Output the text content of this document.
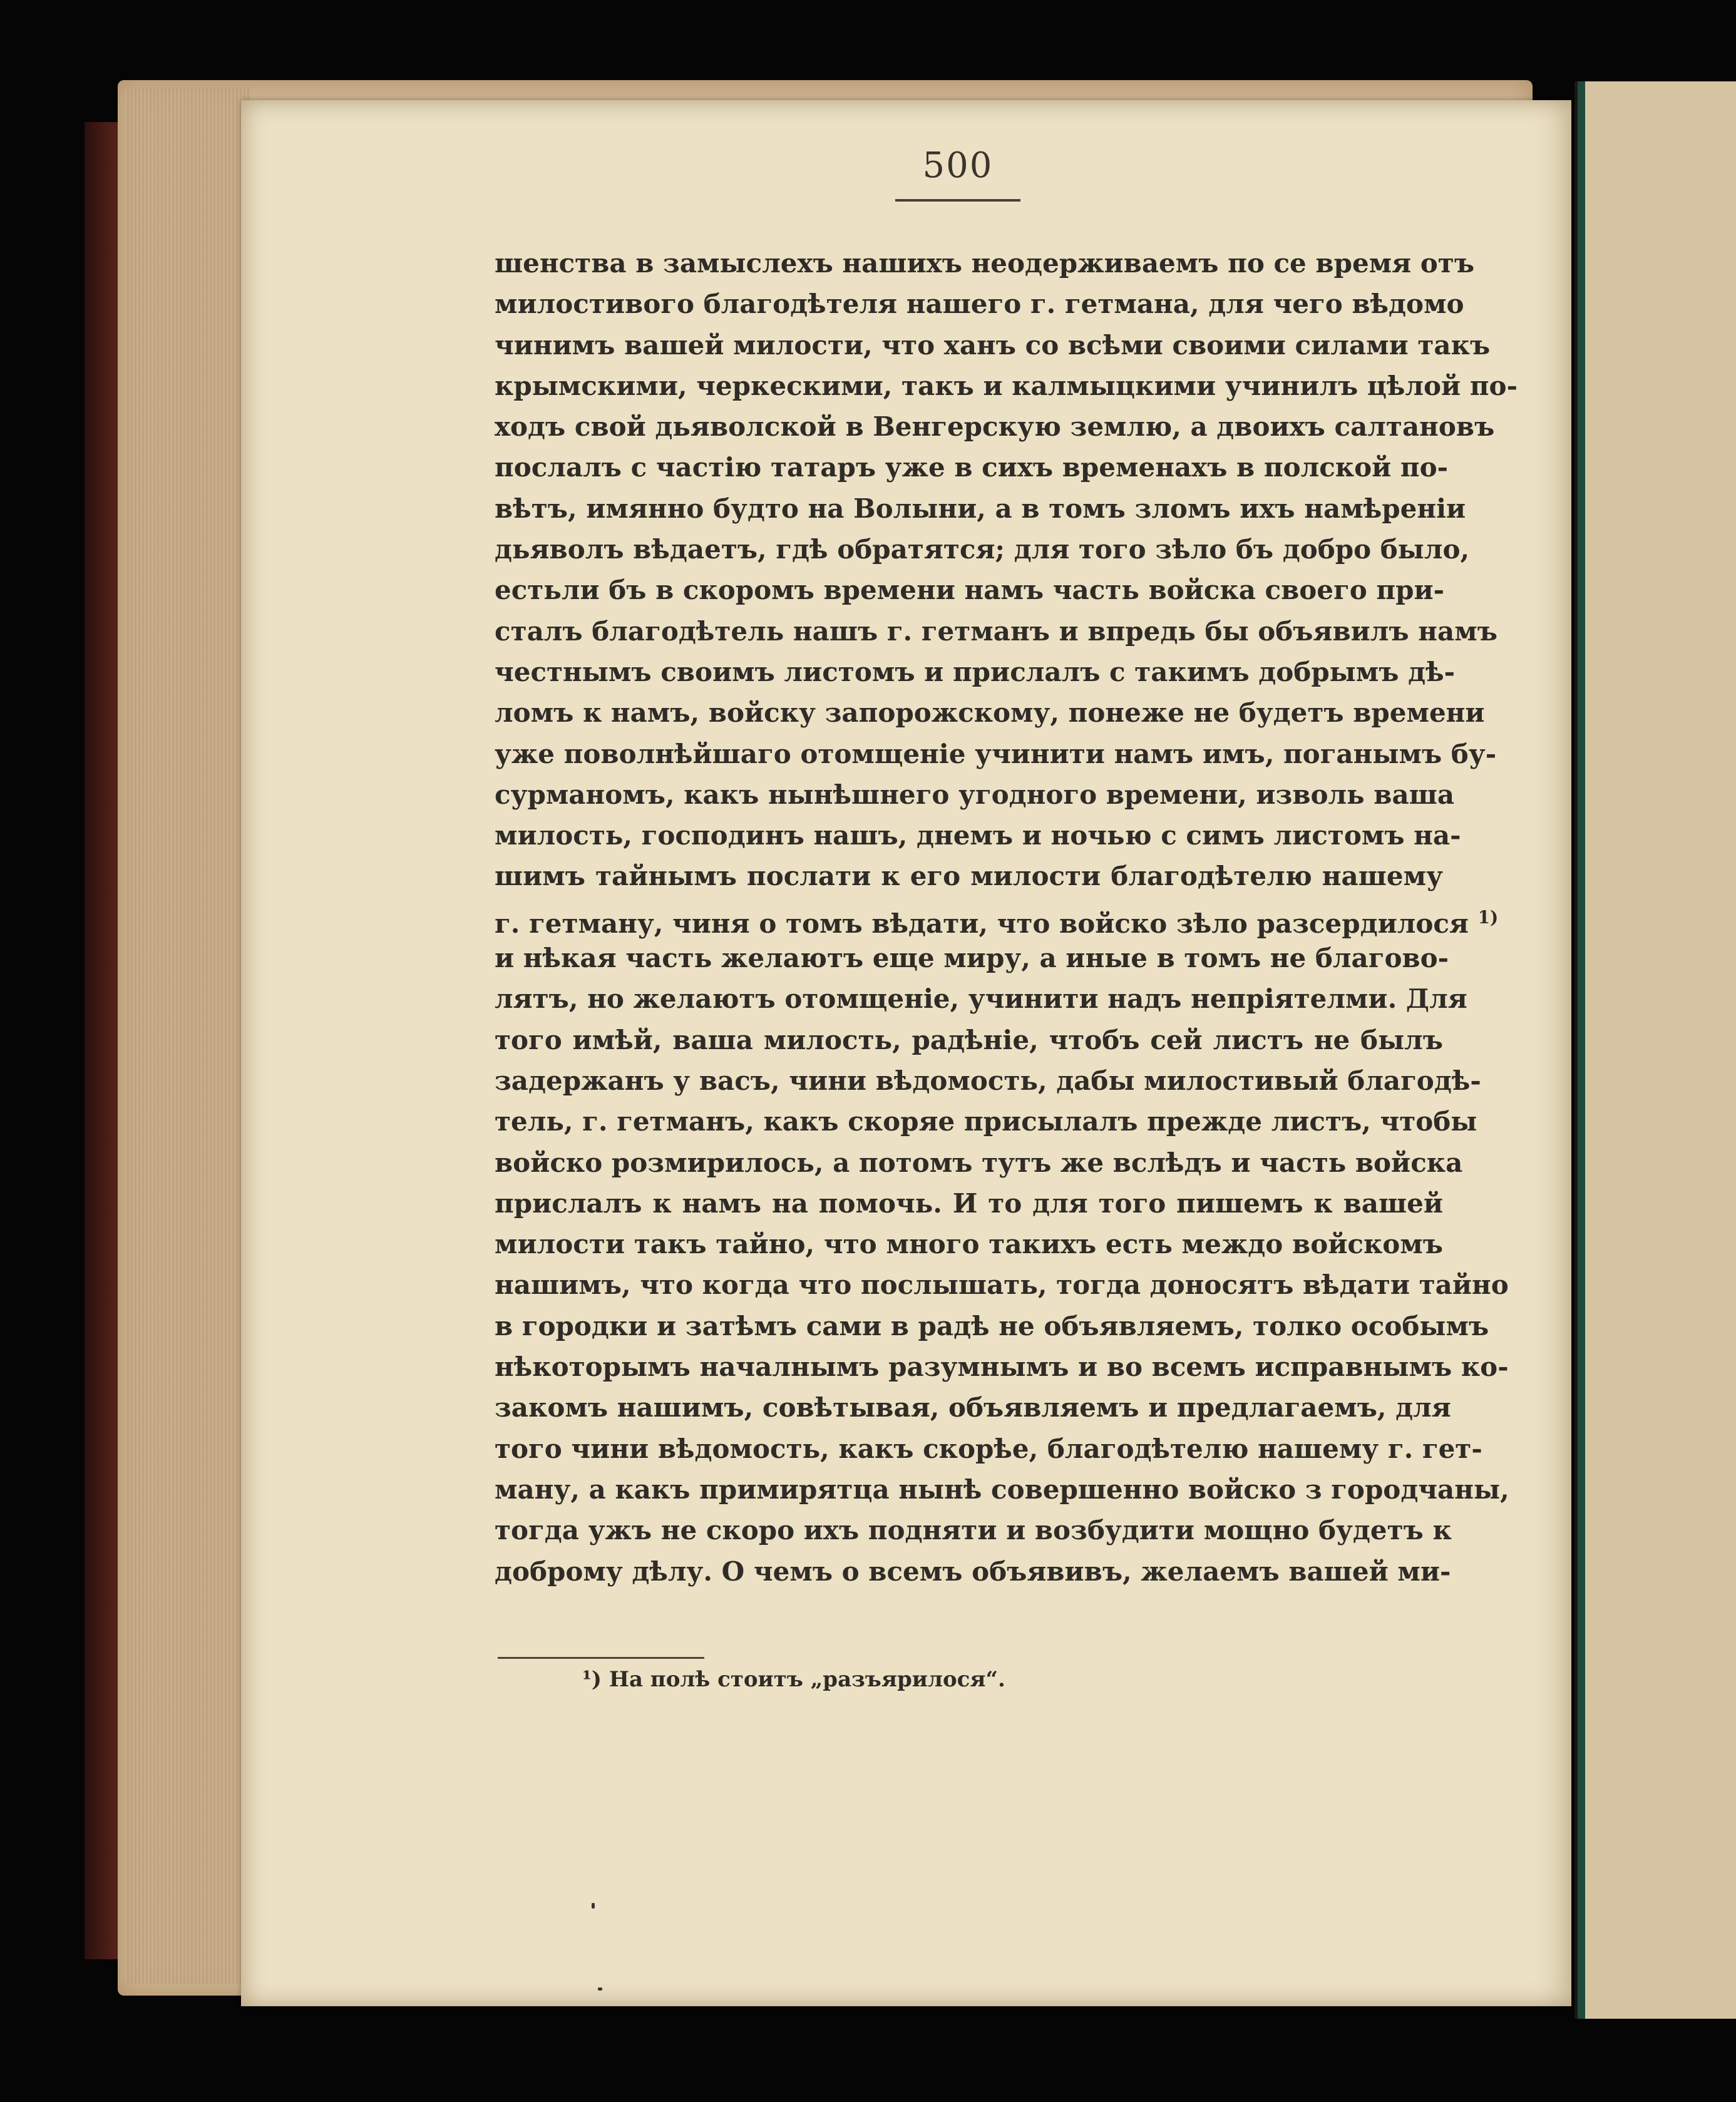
500
шенства в замыслехъ нашихъ неодерживаемъ по се время отъ
милостивого благодѣтеля нашего г. гетмана, для чего вѣдомо
чинимъ вашей милости, что ханъ со всѣми своими силами такъ
крымскими, черкескими, такъ и калмыцкими учинилъ цѣлой по-
ходъ свой дьяволской в Венгерскую землю, а двоихъ салтановъ
послалъ с частію татаръ уже в сихъ временахъ в полской по-
вѣтъ, имянно будто на Волыни, а в томъ зломъ ихъ намѣреніи
дьяволъ вѣдаетъ, гдѣ обратятся; для того зѣло бъ добро было,
естьли бъ в скоромъ времени намъ часть войска своего при-
сталъ благодѣтель нашъ г. гетманъ и впредь бы объявилъ намъ
честнымъ своимъ листомъ и прислалъ с такимъ добрымъ дѣ-
ломъ к намъ, войску запорожскому, понеже не будетъ времени
уже поволнѣйшаго отомщеніе учинити намъ имъ, поганымъ бу-
сурманомъ, какъ нынѣшнего угодного времени, изволь ваша
милость, господинъ нашъ, днемъ и ночью с симъ листомъ на-
шимъ тайнымъ послати к его милости благодѣтелю нашему
г. гетману, чиня о томъ вѣдати, что войско зѣло разсердилося $^{1)}$
и нѣкая часть желаютъ еще миру, а иные в томъ не благово-
лятъ, но желаютъ отомщеніе, учинити надъ непріятелми. Для
того имѣй, ваша милость, радѣніе, чтобъ сей листъ не былъ
задержанъ у васъ, чини вѣдомость, дабы милостивый благодѣ-
тель, г. гетманъ, какъ скоряе присылалъ прежде листъ, чтобы
войско розмирилось, а потомъ тутъ же вслѣдъ и часть войска
прислалъ к намъ на помочь. И то для того пишемъ к вашей
милости такъ тайно, что много такихъ есть междо войскомъ
нашимъ, что когда что послышать, тогда доносятъ вѣдати тайно
в городки и затѣмъ сами в радѣ не объявляемъ, толко особымъ
нѣкоторымъ началнымъ разумнымъ и во всемъ исправнымъ ко-
закомъ нашимъ, совѣтывая, объявляемъ и предлагаемъ, для
того чини вѣдомость, какъ скорѣе, благодѣтелю нашему г. гет-
ману, а какъ примирятца нынѣ совершенно войско з городчаны,
тогда ужъ не скоро ихъ подняти и возбудити мощно будетъ к
доброму дѣлу. О чемъ о всемъ объявивъ, желаемъ вашей ми-
¹) На полѣ стоитъ „разъярилося“.
